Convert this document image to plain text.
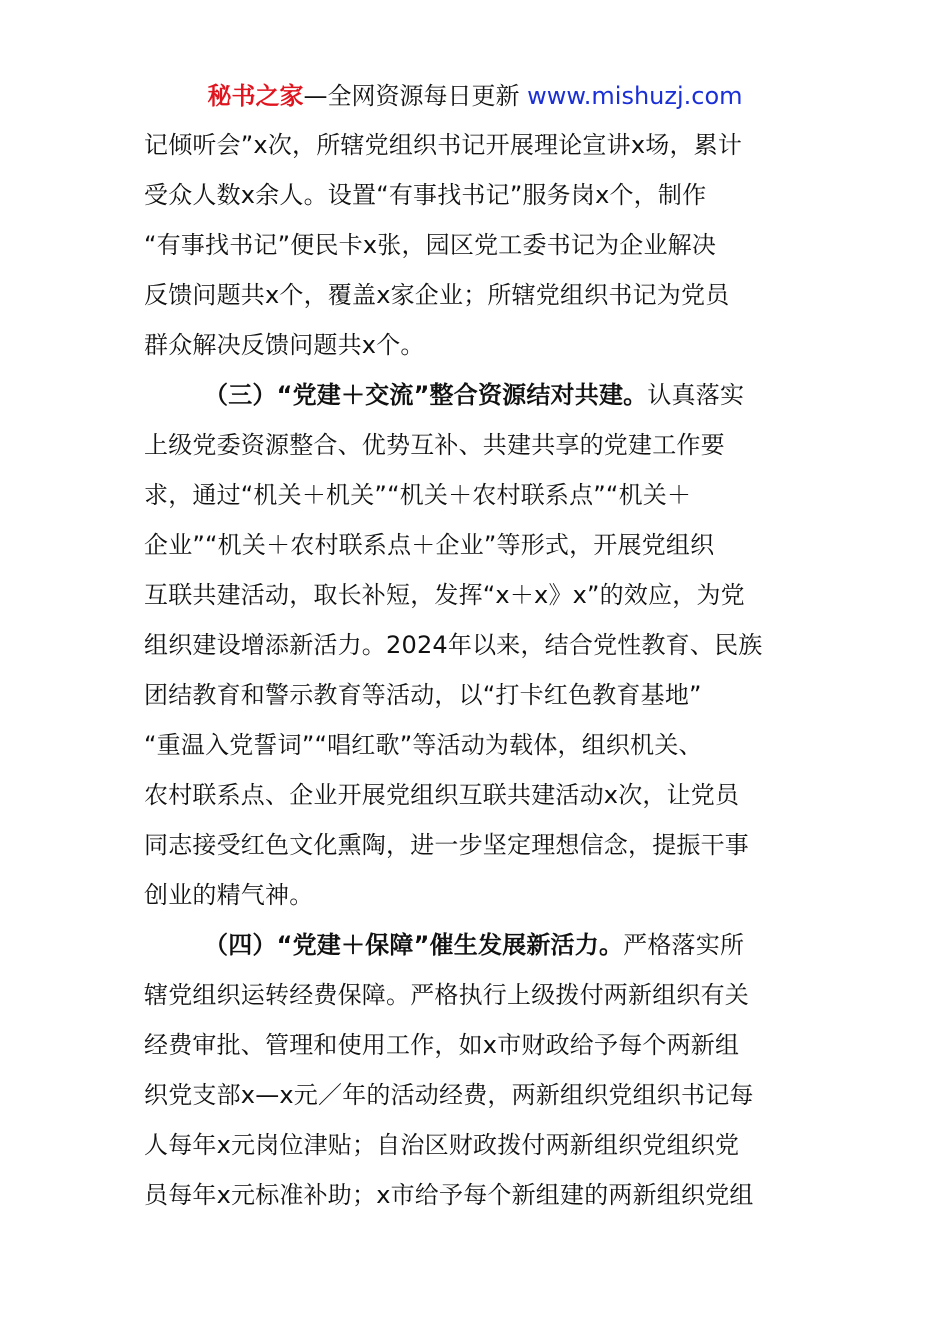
秘书之家—全网资源每日更新 www.mishuzj.com
记倾听会”x次，所辖党组织书记开展理论宣讲x场，累计
受众人数x余人。设置“有事找书记”服务岗x个，制作
“有事找书记”便民卡x张，园区党工委书记为企业解决
反馈问题共x个，覆盖x家企业；所辖党组织书记为党员
群众解决反馈问题共x个。
（三）“党建＋交流”整合资源结对共建。认真落实
上级党委资源整合、优势互补、共建共享的党建工作要
求，通过“机关＋机关”“机关＋农村联系点”“机关＋
企业”“机关＋农村联系点＋企业”等形式，开展党组织
互联共建活动，取长补短，发挥“x＋x》x”的效应，为党
组织建设增添新活力。2024年以来，结合党性教育、民族
团结教育和警示教育等活动，以“打卡红色教育基地”
“重温入党誓词”“唱红歌”等活动为载体，组织机关、
农村联系点、企业开展党组织互联共建活动x次，让党员
同志接受红色文化熏陶，进一步坚定理想信念，提振干事
创业的精气神。
（四）“党建＋保障”催生发展新活力。严格落实所
辖党组织运转经费保障。严格执行上级拨付两新组织有关
经费审批、管理和使用工作，如x市财政给予每个两新组
织党支部x—x元／年的活动经费，两新组织党组织书记每
人每年x元岗位津贴；自治区财政拨付两新组织党组织党
员每年x元标准补助；x市给予每个新组建的两新组织党组
